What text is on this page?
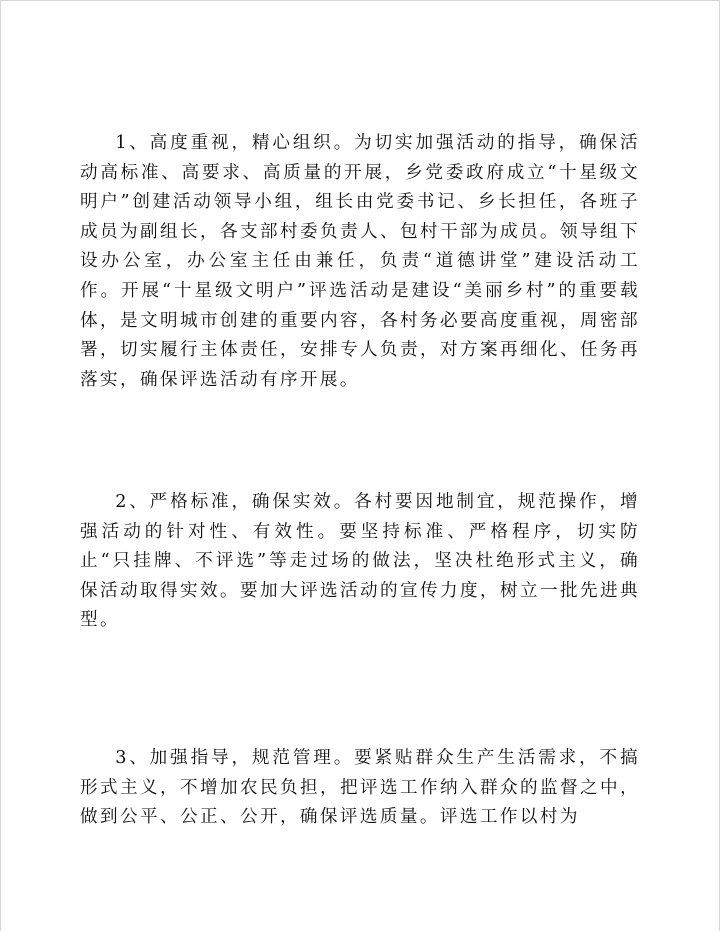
1、高度重视，精心组织。为切实加强活动的指导，确保活动高标准、高要求、高质量的开展，乡党委政府成立“十星级文明户”创建活动领导小组，组长由党委书记、乡长担任，各班子成员为副组长，各支部村委负责人、包村干部为成员。领导组下设办公室，办公室主任由兼任，负责“道德讲堂”建设活动工作。开展“十星级文明户”评选活动是建设“美丽乡村”的重要载体，是文明城市创建的重要内容，各村务必要高度重视，周密部署，切实履行主体责任，安排专人负责，对方案再细化、任务再落实，确保评选活动有序开展。

2、严格标准，确保实效。各村要因地制宜，规范操作，增强活动的针对性、有效性。要坚持标准、严格程序，切实防止“只挂牌、不评选”等走过场的做法，坚决杜绝形式主义，确保活动取得实效。要加大评选活动的宣传力度，树立一批先进典型。

3、加强指导，规范管理。要紧贴群众生产生活需求，不搞形式主义，不增加农民负担，把评选工作纳入群众的监督之中，做到公平、公正、公开，确保评选质量。评选工作以村为
